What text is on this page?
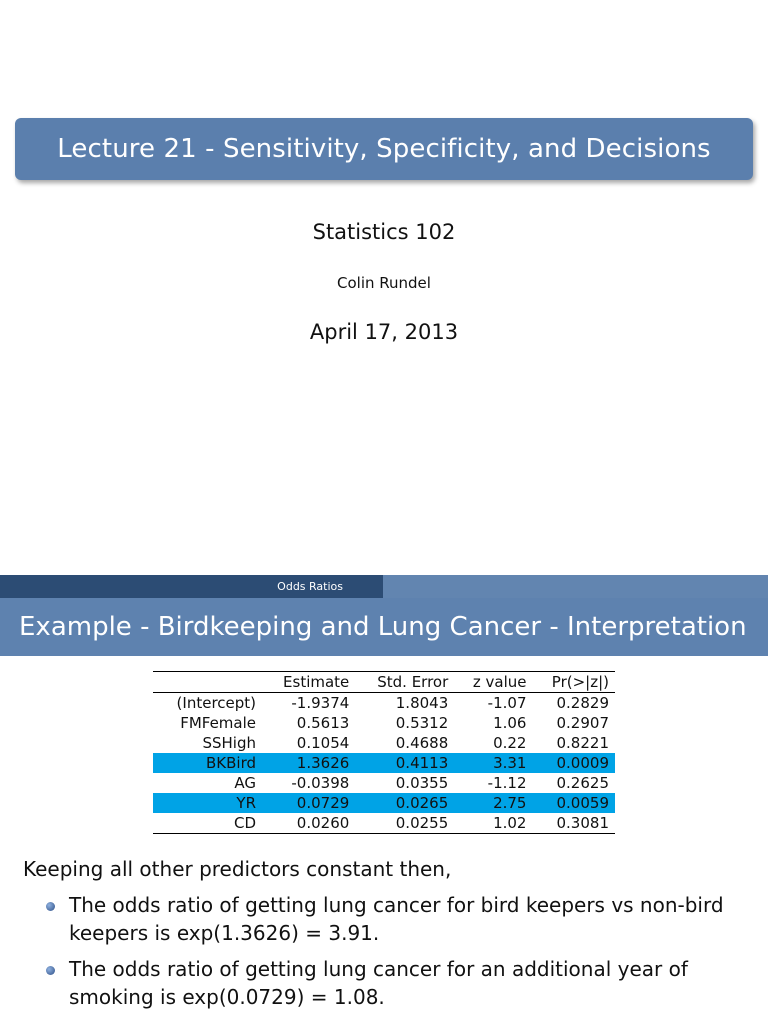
Lecture 21 - Sensitivity, Specificity, and Decisions
Statistics 102
Colin Rundel
April 17, 2013
Odds Ratios
Example - Birdkeeping and Lung Cancer - Interpretation
	Estimate	Std. Error	z value	Pr(>|z|)
(Intercept)	-1.9374	1.8043	-1.07	0.2829
FMFemale	0.5613	0.5312	1.06	0.2907
SSHigh	0.1054	0.4688	0.22	0.8221
BKBird	1.3626	0.4113	3.31	0.0009
AG	-0.0398	0.0355	-1.12	0.2625
YR	0.0729	0.0265	2.75	0.0059
CD	0.0260	0.0255	1.02	0.3081
Keeping all other predictors constant then,
The odds ratio of getting lung cancer for bird keepers vs non-bird keepers is exp(1.3626) = 3.91.
The odds ratio of getting lung cancer for an additional year of smoking is exp(0.0729) = 1.08.
